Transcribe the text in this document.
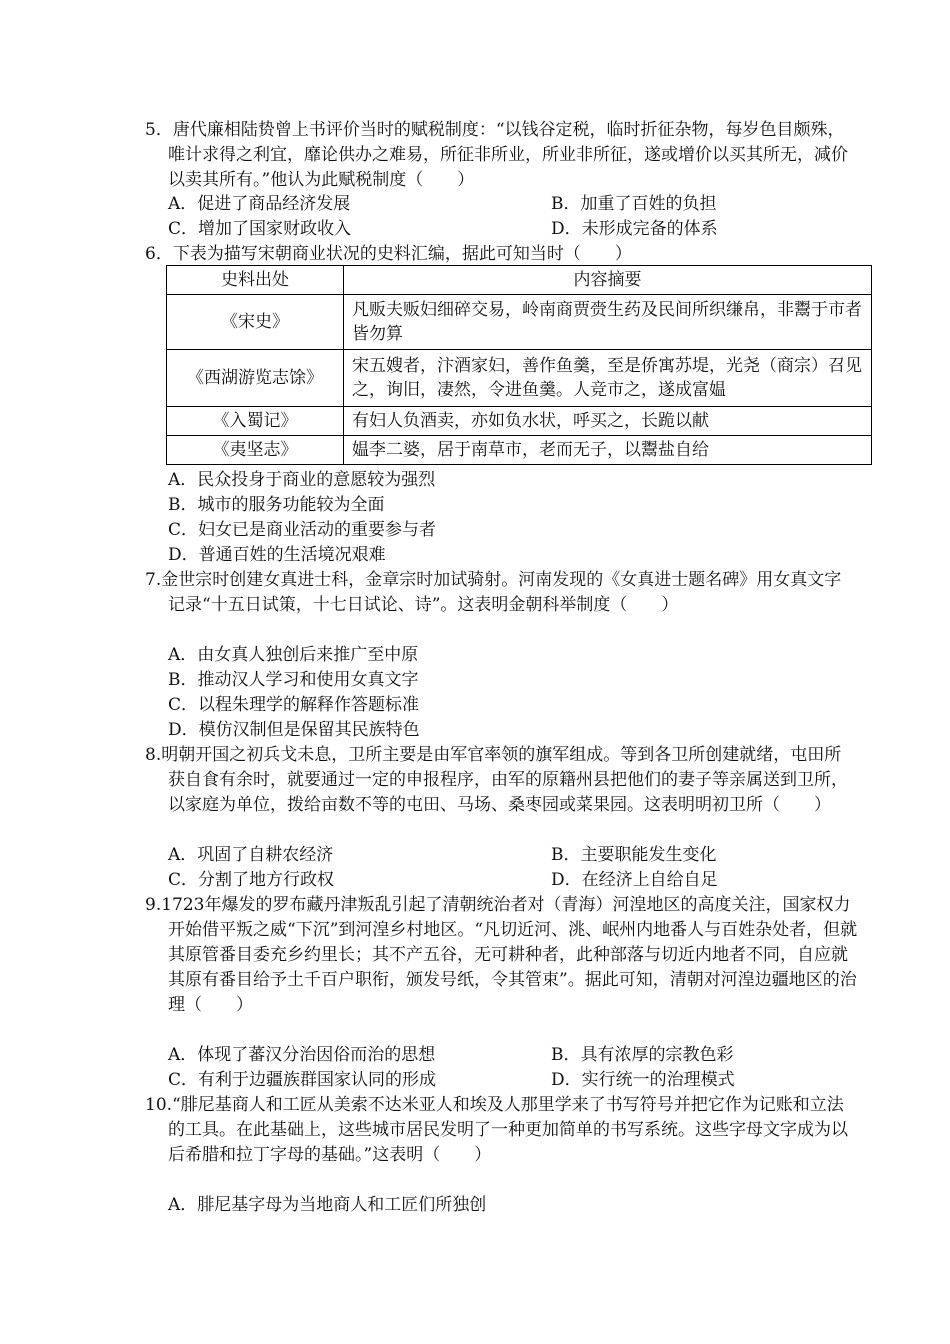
5．唐代廉相陆贽曾上书评价当时的赋税制度：“以钱谷定税，临时折征杂物，每岁色目颇殊，唯计求得之利宜，靡论供办之难易，所征非所业，所业非所征，遂或增价以买其所无，减价以卖其所有。”他认为此赋税制度（　　）
A．促进了商品经济发展	B．加重了百姓的负担
C．增加了国家财政收入	D．未形成完备的体系
6．下表为描写宋朝商业状况的史料汇编，据此可知当时（　　）
史料出处	内容摘要
《宋史》	凡贩夫贩妇细碎交易，岭南商贾赍生药及民间所织缣帛，非鬻于市者皆勿算
《西湖游览志馀》	宋五嫂者，汴酒家妇，善作鱼羹，至是侨寓苏堤，光尧（商宗）召见之，询旧，凄然，令进鱼羹。人竞市之，遂成富媪
《入蜀记》	有妇人负酒卖，亦如负水状，呼买之，长跪以献
《夷坚志》	媪李二婆，居于南草市，老而无子，以鬻盐自给
A．民众投身于商业的意愿较为强烈
B．城市的服务功能较为全面
C．妇女已是商业活动的重要参与者
D．普通百姓的生活境况艰难
7.金世宗时创建女真进士科，金章宗时加试骑射。河南发现的《女真进士题名碑》用女真文字记录“十五日试策，十七日试论、诗”。这表明金朝科举制度（　　）
A．由女真人独创后来推广至中原
B．推动汉人学习和使用女真文字
C．以程朱理学的解释作答题标准
D．模仿汉制但是保留其民族特色
8.明朝开国之初兵戈未息，卫所主要是由军官率领的旗军组成。等到各卫所创建就绪，屯田所获自食有余时，就要通过一定的申报程序，由军的原籍州县把他们的妻子等亲属送到卫所，以家庭为单位，拨给亩数不等的屯田、马场、桑枣园或菜果园。这表明明初卫所（　　）
A．巩固了自耕农经济	B．主要职能发生变化
C．分割了地方行政权	D．在经济上自给自足
9.1723年爆发的罗布藏丹津叛乱引起了清朝统治者对（青海）河湟地区的高度关注，国家权力开始借平叛之威“下沉”到河湟乡村地区。“凡切近河、洮、岷州内地番人与百姓杂处者，但就其原管番目委充乡约里长；其不产五谷，无可耕种者，此种部落与切近内地者不同，自应就其原有番目给予土千百户职衔，颁发号纸，令其管束”。据此可知，清朝对河湟边疆地区的治理（　　）
A．体现了蕃汉分治因俗而治的思想	B．具有浓厚的宗教色彩
C．有利于边疆族群国家认同的形成	D．实行统一的治理模式
10.“腓尼基商人和工匠从美索不达米亚人和埃及人那里学来了书写符号并把它作为记账和立法的工具。在此基础上，这些城市居民发明了一种更加简单的书写系统。这些字母文字成为以后希腊和拉丁字母的基础。”这表明（　　）
A．腓尼基字母为当地商人和工匠们所独创
